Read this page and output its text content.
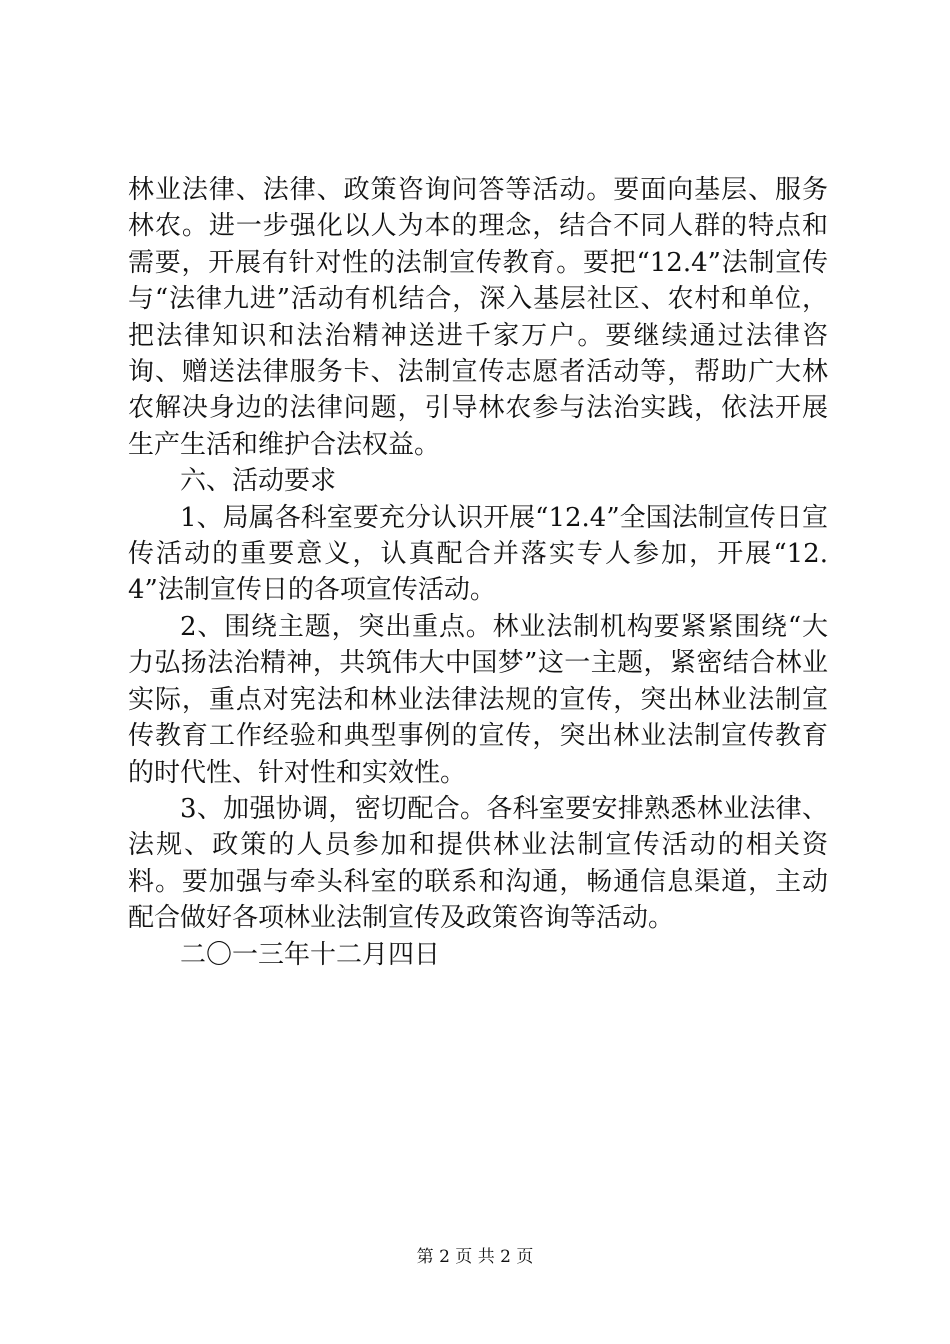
林业法律、法律、政策咨询问答等活动。要面向基层、服务林农。进一步强化以人为本的理念，结合不同人群的特点和需要，开展有针对性的法制宣传教育。要把“12.4”法制宣传与“法律九进”活动有机结合，深入基层社区、农村和单位，把法律知识和法治精神送进千家万户。要继续通过法律咨询、赠送法律服务卡、法制宣传志愿者活动等，帮助广大林农解决身边的法律问题，引导林农参与法治实践，依法开展生产生活和维护合法权益。

六、活动要求

1、局属各科室要充分认识开展“12.4”全国法制宣传日宣传活动的重要意义，认真配合并落实专人参加，开展“12.4”法制宣传日的各项宣传活动。

2、围绕主题，突出重点。林业法制机构要紧紧围绕“大力弘扬法治精神，共筑伟大中国梦”这一主题，紧密结合林业实际，重点对宪法和林业法律法规的宣传，突出林业法制宣传教育工作经验和典型事例的宣传，突出林业法制宣传教育的时代性、针对性和实效性。

3、加强协调，密切配合。各科室要安排熟悉林业法律、法规、政策的人员参加和提供林业法制宣传活动的相关资料。要加强与牵头科室的联系和沟通，畅通信息渠道，主动配合做好各项林业法制宣传及政策咨询等活动。

二〇一三年十二月四日

第 2 页 共 2 页
